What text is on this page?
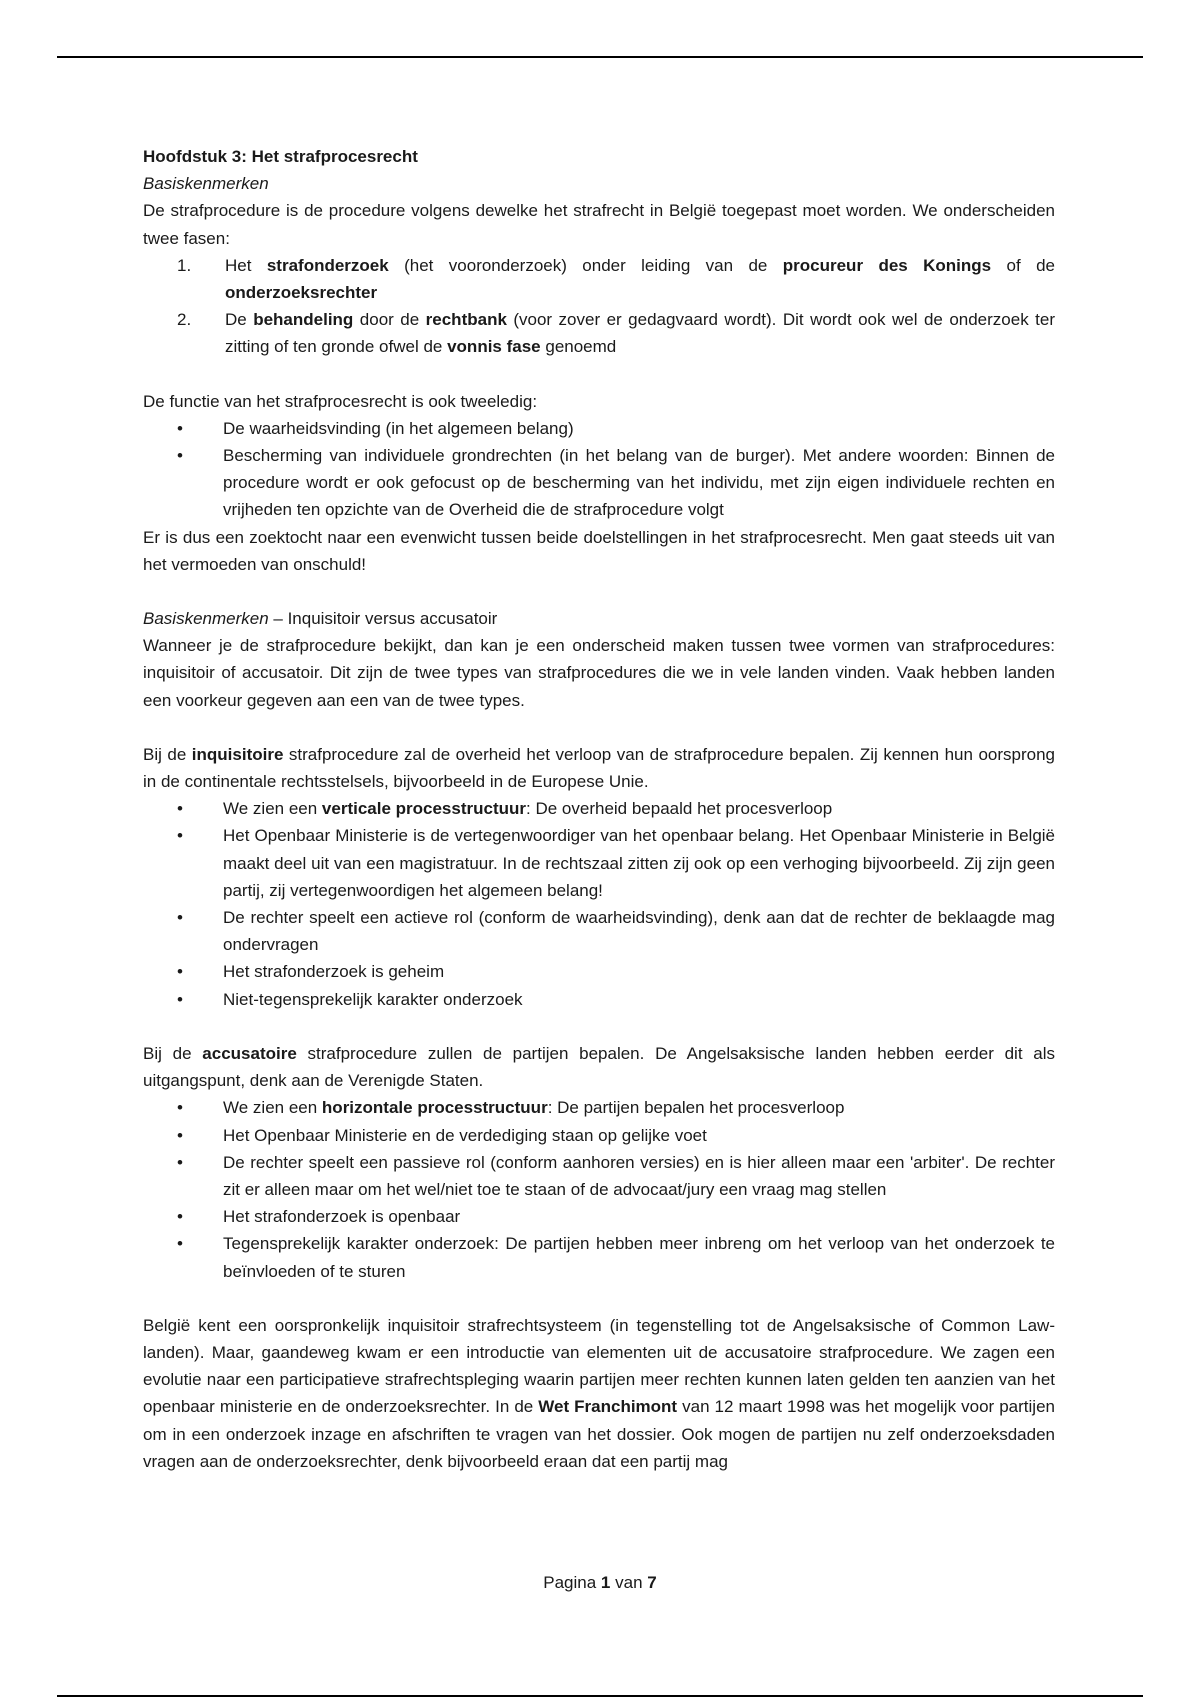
Hoofdstuk 3: Het strafprocesrecht
Basiskenmerken
De strafprocedure is de procedure volgens dewelke het strafrecht in België toegepast moet worden. We onderscheiden twee fasen:
1. Het strafonderzoek (het vooronderzoek) onder leiding van de procureur des Konings of de onderzoeksrechter
2. De behandeling door de rechtbank (voor zover er gedagvaard wordt). Dit wordt ook wel de onderzoek ter zitting of ten gronde ofwel de vonnis fase genoemd
De functie van het strafprocesrecht is ook tweeledig:
• De waarheidsvinding (in het algemeen belang)
• Bescherming van individuele grondrechten (in het belang van de burger). Met andere woorden: Binnen de procedure wordt er ook gefocust op de bescherming van het individu, met zijn eigen individuele rechten en vrijheden ten opzichte van de Overheid die de strafprocedure volgt
Er is dus een zoektocht naar een evenwicht tussen beide doelstellingen in het strafprocesrecht. Men gaat steeds uit van het vermoeden van onschuld!
Basiskenmerken – Inquisitoir versus accusatoir
Wanneer je de strafprocedure bekijkt, dan kan je een onderscheid maken tussen twee vormen van strafprocedures: inquisitoir of accusatoir. Dit zijn de twee types van strafprocedures die we in vele landen vinden. Vaak hebben landen een voorkeur gegeven aan een van de twee types.
Bij de inquisitoire strafprocedure zal de overheid het verloop van de strafprocedure bepalen. Zij kennen hun oorsprong in de continentale rechtsstelsels, bijvoorbeeld in de Europese Unie.
• We zien een verticale processtructuur: De overheid bepaald het procesverloop
• Het Openbaar Ministerie is de vertegenwoordiger van het openbaar belang. Het Openbaar Ministerie in België maakt deel uit van een magistratuur. In de rechtszaal zitten zij ook op een verhoging bijvoorbeeld. Zij zijn geen partij, zij vertegenwoordigen het algemeen belang!
• De rechter speelt een actieve rol (conform de waarheidsvinding), denk aan dat de rechter de beklaagde mag ondervragen
• Het strafonderzoek is geheim
• Niet-tegensprekelijk karakter onderzoek
Bij de accusatoire strafprocedure zullen de partijen bepalen. De Angelsaksische landen hebben eerder dit als uitgangspunt, denk aan de Verenigde Staten.
• We zien een horizontale processtructuur: De partijen bepalen het procesverloop
• Het Openbaar Ministerie en de verdediging staan op gelijke voet
• De rechter speelt een passieve rol (conform aanhoren versies) en is hier alleen maar een 'arbiter'. De rechter zit er alleen maar om het wel/niet toe te staan of de advocaat/jury een vraag mag stellen
• Het strafonderzoek is openbaar
• Tegensprekelijk karakter onderzoek: De partijen hebben meer inbreng om het verloop van het onderzoek te beïnvloeden of te sturen
België kent een oorspronkelijk inquisitoir strafrechtsysteem (in tegenstelling tot de Angelsaksische of Common Law-landen). Maar, gaandeweg kwam er een introductie van elementen uit de accusatoire strafprocedure. We zagen een evolutie naar een participatieve strafrechtspleging waarin partijen meer rechten kunnen laten gelden ten aanzien van het openbaar ministerie en de onderzoeksrechter. In de Wet Franchimont van 12 maart 1998 was het mogelijk voor partijen om in een onderzoek inzage en afschriften te vragen van het dossier. Ook mogen de partijen nu zelf onderzoeksdaden vragen aan de onderzoeksrechter, denk bijvoorbeeld eraan dat een partij mag
Pagina 1 van 7
